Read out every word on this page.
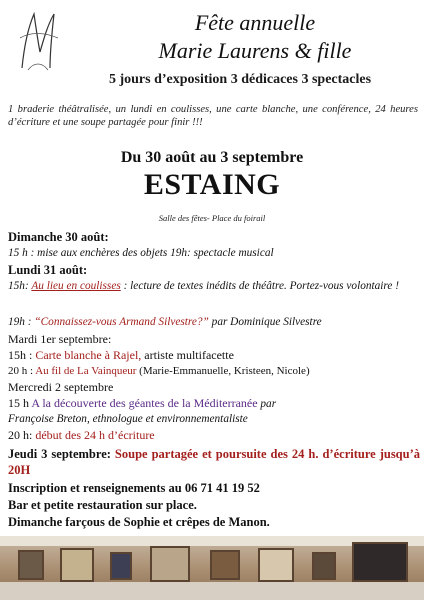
Fête annuelle
Marie Laurens & fille
5 jours d’exposition 3 dédicaces 3 spectacles
1 braderie théâtralisée, un lundi en coulisses, une carte blanche, une conférence, 24 heures d’écriture et une soupe partagée pour finir !!!
Du 30 août au 3 septembre
ESTAING
Salle des fêtes- Place du foirail
Dimanche 30 août:
15 h : mise aux enchères des objets 19h: spectacle musical
Lundi 31 août:
15h: Au lieu en coulisses : lecture de textes inédits de théâtre. Portez-vous volontaire !
19h : “Connaissez-vous Armand Silvestre?” par Dominique Silvestre
Mardi 1er septembre:
15h : Carte blanche à Rajel, artiste multifacette
20 h : Au fil de La Vainqueur (Marie-Emmanuelle, Kristeen, Nicole)
Mercredi 2 septembre
15 h A la découverte des géantes de la Méditerranée par
Françoise Breton, ethnologue et environnementaliste
20 h: début des 24 h d’écriture
Jeudi 3 septembre: Soupe partagée et poursuite des 24 h. d’écriture jusqu’à 20H
Inscription et renseignements au 06 71 41 19 52
Bar et petite restauration sur place.
Dimanche farçous de Sophie et crêpes de Manon.
